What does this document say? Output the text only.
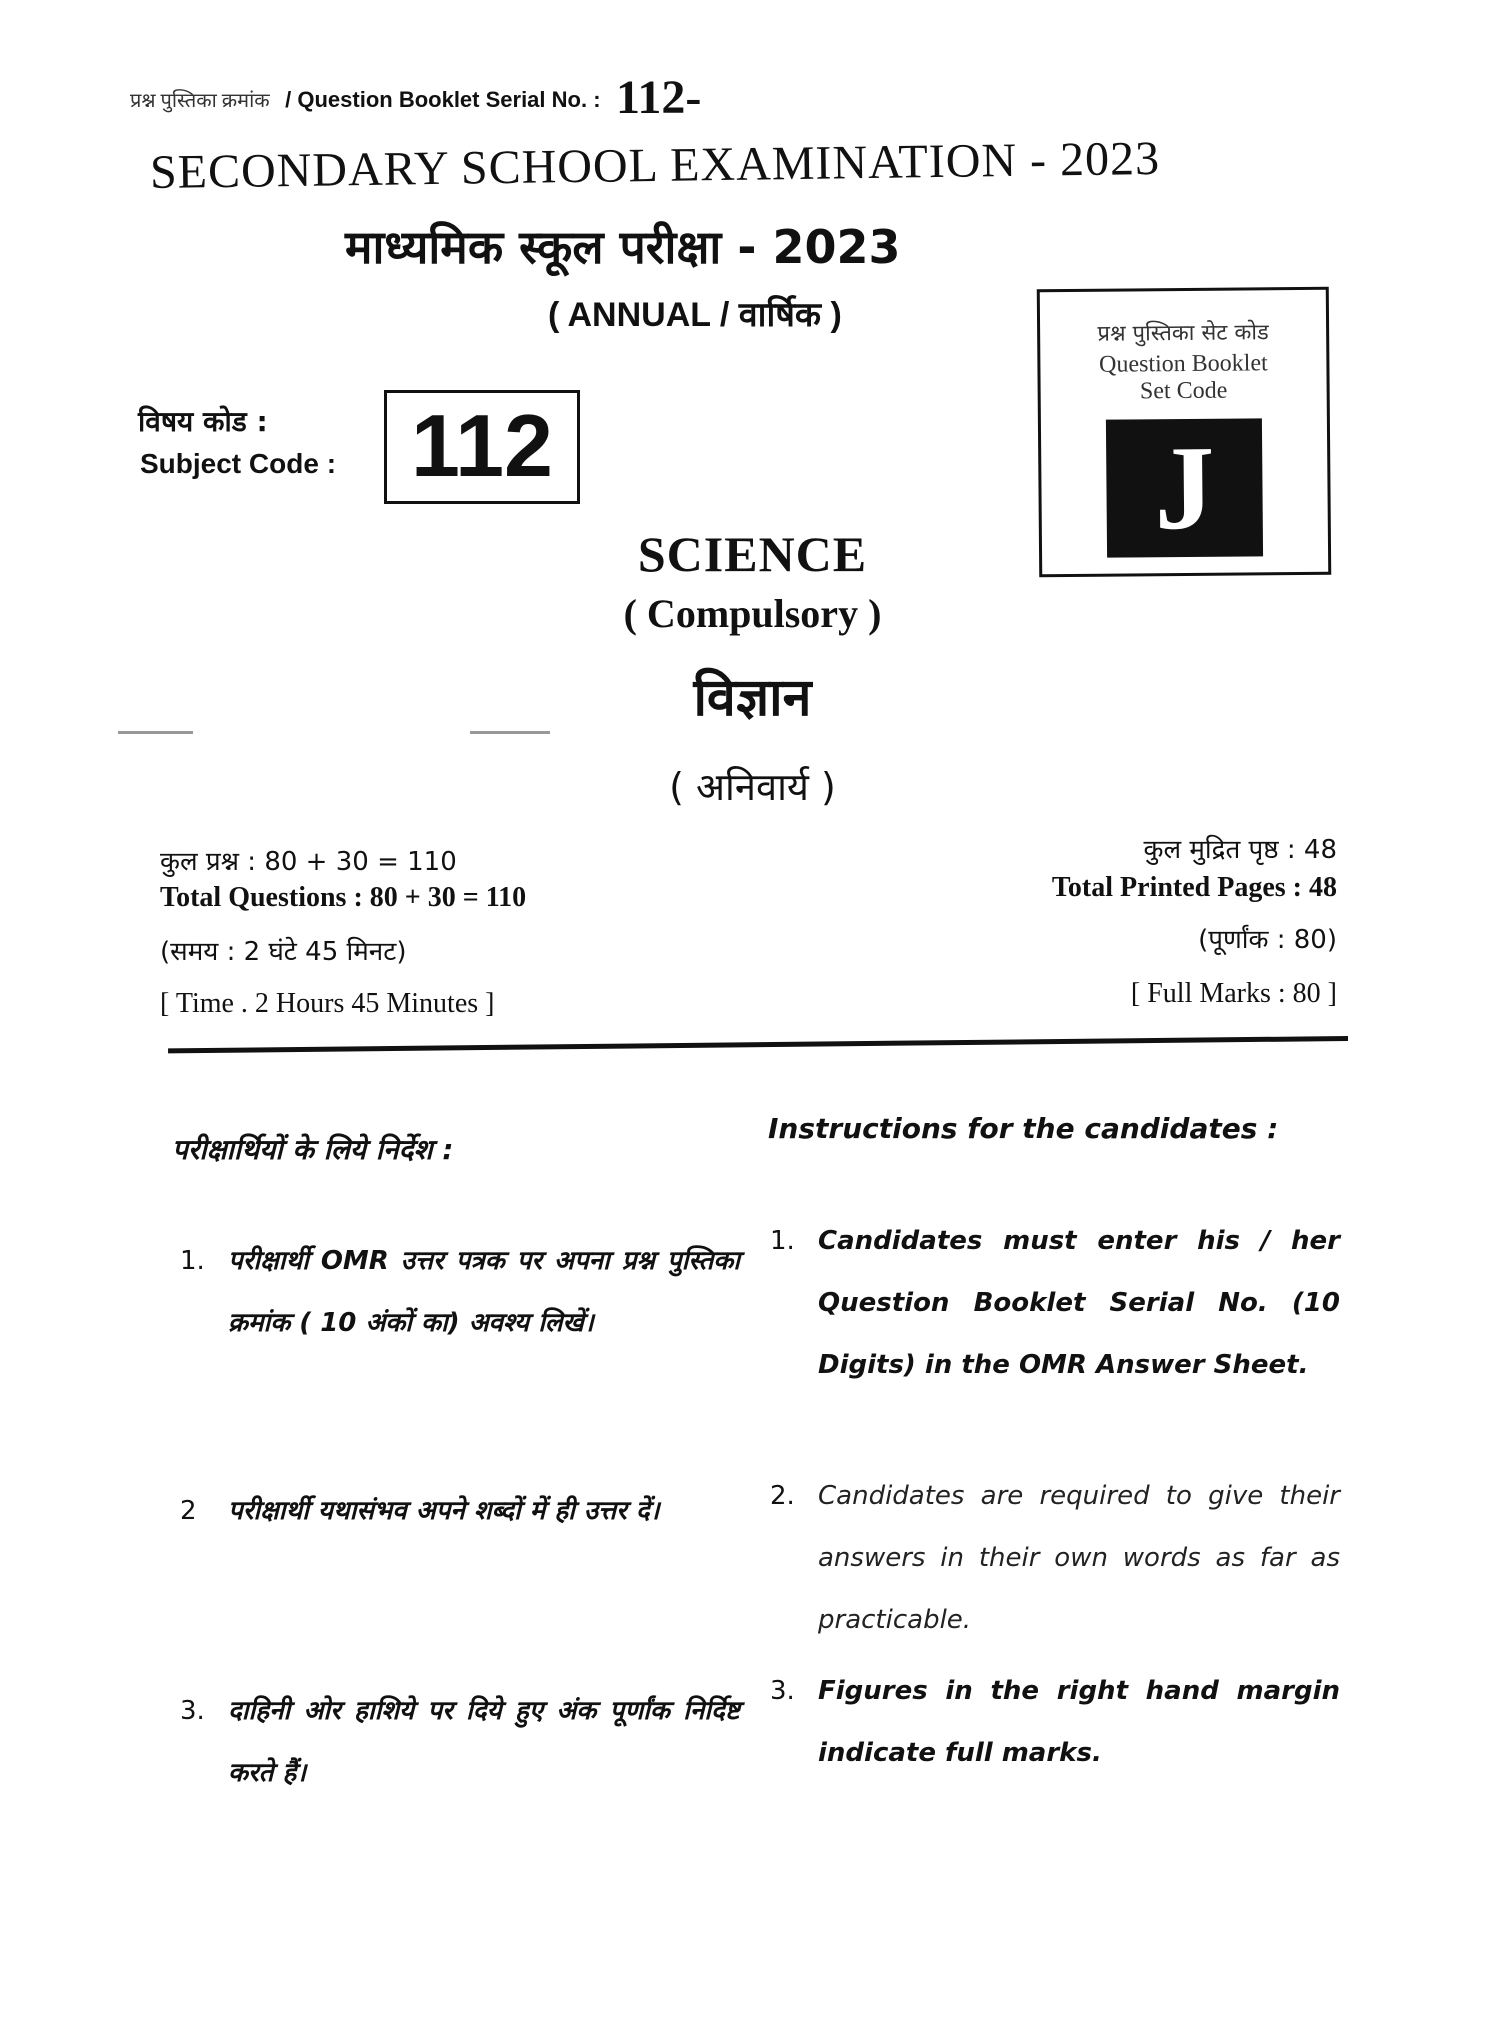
प्रश्न पुस्तिका क्रमांक / Question Booklet Serial No. : 112-
SECONDARY SCHOOL EXAMINATION - 2023
माध्यमिक स्कूल परीक्षा - 2023
( ANNUAL / वार्षिक )	प्रश्न पुस्तिका सेट कोड
Question Booklet
Set Code
J
विषय कोड :
Subject Code : 112
SCIENCE
( Compulsory )
विज्ञान
( अनिवार्य )
कुल प्रश्न : 80 + 30 = 110
Total Questions : 80 + 30 = 110
(समय : 2 घंटे 45 मिनट)
[ Time . 2 Hours 45 Minutes ]
कुल मुद्रित पृष्ठ : 48
Total Printed Pages : 48
(पूर्णांक : 80)
[ Full Marks : 80 ]
परीक्षार्थियों के लिये निर्देश :
Instructions for the candidates :
1. परीक्षार्थी OMR उत्तर पत्रक पर अपना प्रश्न पुस्तिका क्रमांक ( 10 अंकों का) अवश्य लिखें।
2 परीक्षार्थी यथासंभव अपने शब्दों में ही उत्तर दें।
3. दाहिनी ओर हाशिये पर दिये हुए अंक पूर्णांक निर्दिष्ट करते हैं।
1. Candidates must enter his / her Question Booklet Serial No. (10 Digits) in the OMR Answer Sheet.
2. Candidates are required to give their answers in their own words as far as practicable.
3. Figures in the right hand margin indicate full marks.
